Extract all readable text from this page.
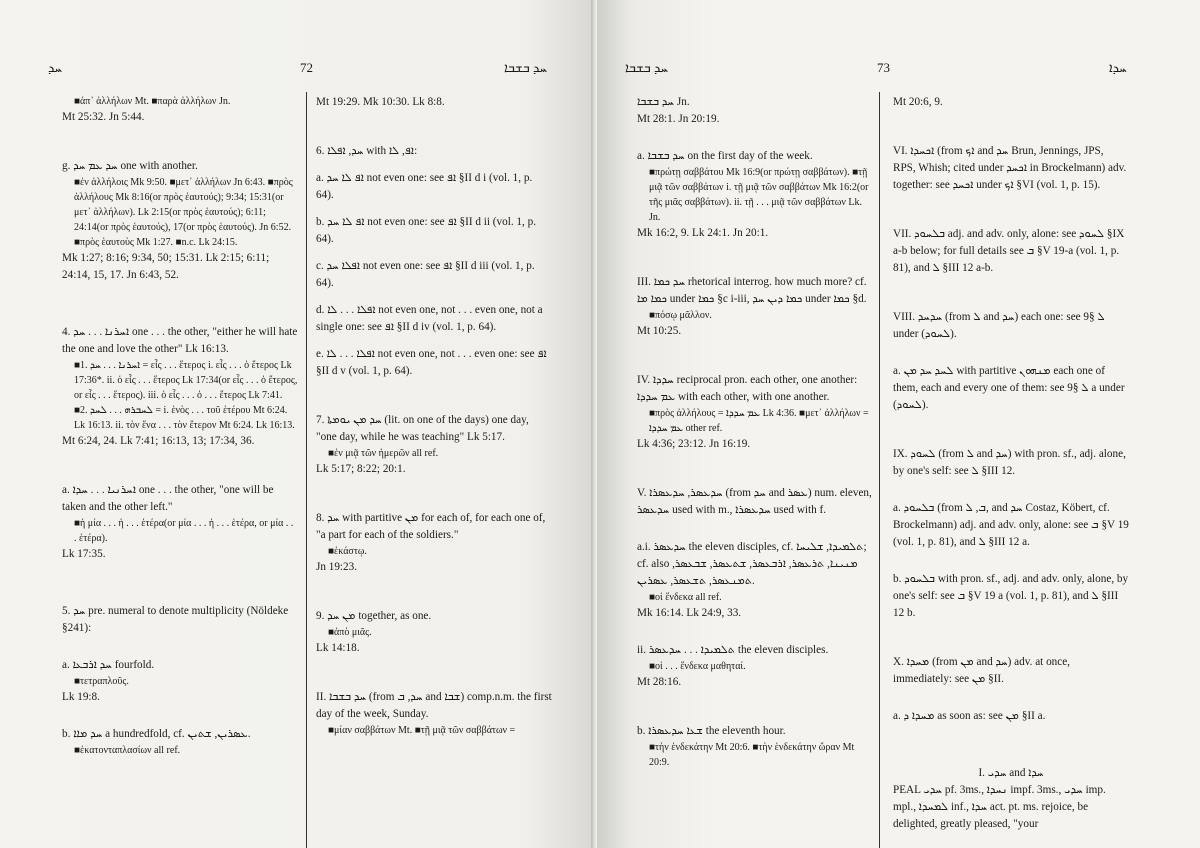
ܚܕ	72	ܚܕ ܒܫܒܐ
■ἀπ᾽ ἀλλήλων Mt. ■παρὰ ἀλλήλων Jn.
Mt 25:32. Jn 5:44.
g. ܚܕ ܥܡ ܚܕ one with another.
■ἐν ἀλλήλοις Mk 9:50. ■μετ᾽ ἀλλήλων Jn 6:43. ■πρὸς ἀλλήλους Mk 8:16(or πρὸς ἑαυτούς); 9:34; 15:31(or μετ᾽ ἀλλήλων). Lk 2:15(or πρὸς ἑαυτούς); 6:11; 24:14(or πρὸς ἑαυτούς), 17(or πρὸς ἑαυτούς). Jn 6:52. ■πρὸς ἑαυτοὺς Mk 1:27. ■n.c. Lk 24:15.
Mk 1:27; 8:16; 9:34, 50; 15:31. Lk 2:15; 6:11; 24:14, 15, 17. Jn 6:43, 52.
4. ܐܚܪܢܐ . . . ܚܕ one . . . the other, "either he will hate the one and love the other" Lk 16:13.
■1. ܐܚܪܢܐ . . . ܚܕ = εἷς . . . ἕτερος i. εἷς . . . ὁ ἕτερος Lk 17:36*. ii. ὁ εἷς . . . ἕτερος Lk 17:34(or εἷς . . . ὁ ἕτερος, or εἷς . . . ἕτερος). iii. ὁ εἷς . . . ὁ . . . ἕτερος Lk 7:41. ■2. ܠܚܒܪܗ . . . ܠܚܕ = i. ἑνὸς . . . τοῦ ἑτέρου Mt 6:24. Lk 16:13. ii. τὸν ἕνα . . . τὸν ἕτερον Mt 6:24. Lk 16:13.
Mt 6:24, 24. Lk 7:41; 16:13, 13; 17:34, 36.
a. ܐܚܪܢܝܐ . . . ܚܕܐ one . . . the other, "one will be taken and the other left."
■ἡ μία . . . ἡ . . . ἑτέρα(or μία . . . ἡ . . . ἑτέρα, or μία . . . ἑτέρα).
Lk 17:35.
5. ܚܕ pre. numeral to denote multiplicity (Nöldeke §241):
a. ܚܕ ܐܪܒܥܐ fourfold.
■τετραπλοῦς.
Lk 19:8.
b. ܚܕ ܡܐܐ a hundredfold, cf. ܥܣܪܝܢ, ܫܬܝܢ.
■ἑκατονταπλασίων all ref.
Mt 19:29. Mk 10:30. Lk 8:8.
6. ܚܕ, ܐܦܠܐ with ܐܦ, ܠܐ:
a. ܐܦ ܠܐ ܚܕ not even one: see ܐܦ §II d i (vol. 1, p. 64).
b. ܐܦ ܠܐ ܚܕ not even one: see ܐܦ §II d ii (vol. 1, p. 64).
c. ܐܦܠܐ ܚܕ not even one: see ܐܦ §II d iii (vol. 1, p. 64).
d. ܐܦܠܐ . . . ܠܐ not even one, not . . . even one, not a single one: see ܐܦ §II d iv (vol. 1, p. 64).
e. ܐܦܠܐ . . . ܠܐ not even one, not . . . even one: see ܐܦ §II d v (vol. 1, p. 64).
7. ܚܕ ܡܢ ܝܘܡܬܐ (lit. on one of the days) one day, "one day, while he was teaching" Lk 5:17.
■ἐν μιᾷ τῶν ἡμερῶν all ref.
Lk 5:17; 8:22; 20:1.
8. ܚܕ with partitive ܡܢ for each of, for each one of, "a part for each of the soldiers."
■ἑκάστῳ.
Jn 19:23.
9. ܡܢ ܚܕ together, as one.
■ἀπὸ μιᾶς.
Lk 14:18.
II. ܚܕ ܒܫܒܐ (from ܚܕ, ܒ and ܫܒܐ) comp.n.m. the first day of the week, Sunday.
■μίαν σαββάτων Mt. ■τῇ μιᾷ τῶν σαββάτων =
ܚܕ ܒܫܒܐ	73	ܚܕܐ
ܚܕ ܒܫܒܐ Jn.
Mt 28:1. Jn 20:19.
a. ܚܕ ܒܫܒܐ on the first day of the week.
■πρώτῃ σαββάτου Mk 16:9(or πρώτῃ σαββάτων). ■τῇ μιᾷ τῶν σαββάτων i. τῇ μιᾷ τῶν σαββάτων Mk 16:2(or τῆς μιᾶς σαββάτων). ii. τῇ . . . μιᾷ τῶν σαββάτων Lk. Jn.
Mk 16:2, 9. Lk 24:1. Jn 20:1.
III. ܚܕ ܟܡܐ rhetorical interrog. how much more? cf. ܟܡܐ ܡܐ under ܟܡܐ §c i-iii, ܟܡܐ ܕܝܢ ܚܕ under ܟܡܐ §d.
■πόσῳ μᾶλλον.
Mt 10:25.
IV. ܚܕܕܐ reciprocal pron. each other, one another: ܥܡ ܚܕܕܐ with each other, with one another.
■πρὸς ἀλλήλους = ܥܡ ܚܕܕܐ Lk 4:36. ■μετ᾽ ἀλλήλων = ܥܡ ܚܕܕܐ other ref.
Lk 4:36; 23:12. Jn 16:19.
V. ܚܕܥܣܪ, ܚܕܥܣܪܐ (from ܚܕ and ܥܣܪ) num. eleven, ܚܕܥܣܪ used with m., ܚܕܥܣܪܐ used with f.
a.i. ܚܕܥܣܪ the eleven disciples, cf. ܬܠܡܝܕܐ, ܫܠܝܚܐ; cf. also ܡܢܝܢܐ, ܬܪܥܣܪ, ܐܪܒܥܣܪ, ܫܬܥܣܪ, ܫܒܥܣܪ, ܬܡܢܥܣܪ, ܬܫܥܣܪ, ܥܣܪܝܢ.
■οἱ ἕνδεκα all ref.
Mk 16:14. Lk 24:9, 33.
ii. ܬܠܡܝܕܐ . . . ܚܕܥܣܪ the eleven disciples.
■οἱ . . . ἕνδεκα μαθηταί.
Mt 28:16.
b. ܫܥܐ ܚܕܥܣܪܐ the eleventh hour.
■τὴν ἑνδεκάτην Mt 20:6. ■τὴν ἑνδεκάτην ὥραν Mt 20:9.
Mt 20:6, 9.
VI. ܐܟܚܕܐ (from ܐܟ and ܚܕ Brun, Jennings, JPS, RPS, Whish; cited under ܐܟܚܕ in Brockelmann) adv. together: see ܐܟܚܕ under ܐܟ §VI (vol. 1, p. 15).
VII. ܒܠܚܘܕ adj. and adv. only, alone: see ܠܚܘܕ §IX a-b below; for full details see ܒ §V 19-a (vol. 1, p. 81), and ܠ §III 12 a-b.
VIII. ܚܕܚܕ (from ܠ and ܚܕ) each one: see ܠ §9 under (ܠܚܘܕ).
a. ܠܚܕ ܚܕ ܡܢ with partitive ܡܢܗܘܢ each one of them, each and every one of them: see ܠ §9 a under (ܠܚܘܕ).
IX. ܠܚܘܕ (from ܠ and ܚܕ) with pron. sf., adj. alone, by one's self: see ܠ §III 12.
a. ܒܠܚܘܕ (from ܒ, ܠ, and ܚܕ Costaz, Köbert, cf. Brockelmann) adj. and adv. only, alone: see ܒ §V 19 (vol. 1, p. 81), and ܠ §III 12 a.
b. ܒܠܚܘܕ with pron. sf., adj. and adv. only, alone, by one's self: see ܒ §V 19 a (vol. 1, p. 81), and ܠ §III 12 b.
X. ܡܚܕܐ (from ܡܢ and ܚܕ) adv. at once, immediately: see ܡܢ §II.
a. ܡܚܕܐ ܕ as soon as: see ܡܢ §II a.
I. ܚܕܝ and ܚܕܐ
PEAL ܚܕܝ pf. 3ms., ܢܚܕܐ impf. 3ms., ܚܕܝ imp. mpl., ܠܡܚܕܐ inf., ܚܕܐ act. pt. ms. rejoice, be delighted, greatly pleased, "your
